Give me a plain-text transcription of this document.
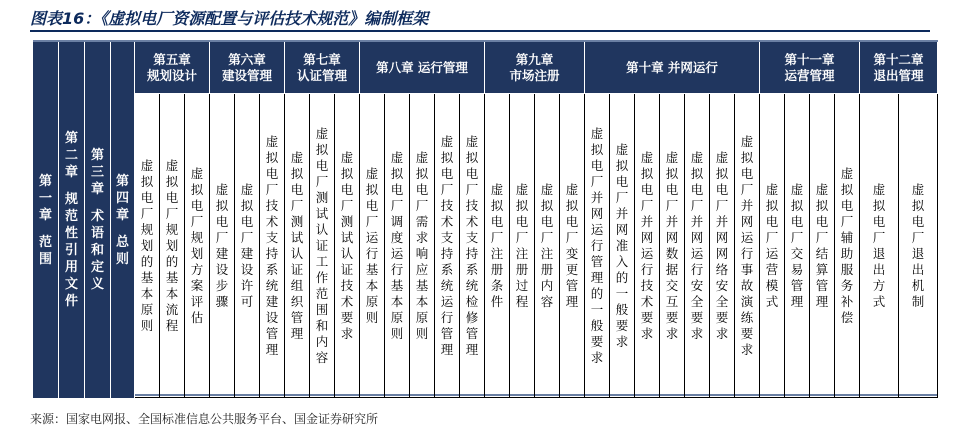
图表16：《虚拟电厂资源配置与评估技术规范》编制框架
第
一
章
范
围
第
二
章
规
范
性
引
用
文
件
第
三
章
术
语
和
定
义
第
四
章
总
则
第五章
规划设计
虚拟电厂规划的基本原则
虚拟电厂规划的基本流程
虚拟电厂规划方案评估
第六章
建设管理
虚拟电厂建设步骤
虚拟电厂建设许可
虚拟电厂技术支持系统建设管理
第七章
认证管理
虚拟电厂测试认证组织管理
虚拟电厂测试认证工作范围和内容
虚拟电厂测试认证技术要求
第八章 运行管理
虚拟电厂运行基本原则
虚拟电厂调度运行基本原则
虚拟电厂需求响应基本原则
虚拟电厂技术支持系统运行管理
虚拟电厂技术支持系统检修管理
第九章
市场注册
虚拟电厂注册条件
虚拟电厂注册过程
虚拟电厂注册内容
虚拟电厂变更管理
第十章 并网运行
虚拟电厂并网运行管理的一般要求
虚拟电厂并网准入的一般要求
虚拟电厂并网运行技术要求
虚拟电厂并网数据交互要求
虚拟电厂并网运行安全要求
虚拟电厂并网网络安全要求
虚拟电厂并网运行事故演练要求
第十一章
运营管理
虚拟电厂运营模式
虚拟电厂交易管理
虚拟电厂结算管理
虚拟电厂辅助服务补偿
第十二章
退出管理
虚拟电厂退出方式
虚拟电厂退出机制
来源：国家电网报、全国标准信息公共服务平台、国金证券研究所
